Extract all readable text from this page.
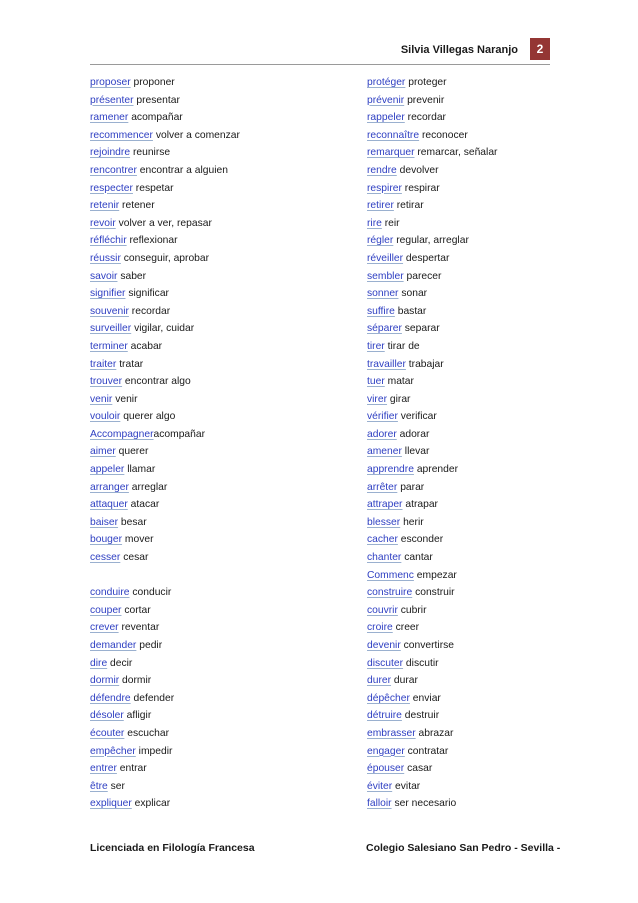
Silvia Villegas Naranjo	2
proposer proponer
présenter presentar
ramener acompañar
recommencer volver a comenzar
rejoindre reunirse
rencontrer encontrar a alguien
respecter respetar
retenir retener
revoir volver a ver, repasar
réfléchir reflexionar
réussir conseguir, aprobar
savoir saber
signifier significar
souvenir recordar
surveiller vigilar, cuidar
terminer acabar
traiter tratar
trouver encontrar algo
venir venir
vouloir querer algo
Accompagneracompañar
aimer querer
appeler llamar
arranger arreglar
attaquer atacar
baiser besar
bouger mover
cesser cesar
conduire conducir
couper cortar
crever reventar
demander pedir
dire decir
dormir dormir
défendre defender
désoler afligir
écouter escuchar
empêcher impedir
entrer entrar
être ser
expliquer explicar
protéger proteger
prévenir prevenir
rappeler recordar
reconnaître reconocer
remarquer remarcar, señalar
rendre devolver
respirer respirar
retirer retirar
rire reir
régler regular, arreglar
réveiller despertar
sembler parecer
sonner sonar
suffire bastar
séparer separar
tirer tirar de
travailler trabajar
tuer matar
virer girar
vérifier verificar
adorer adorar
amener llevar
apprendre aprender
arrêter parar
attraper atrapar
blesser herir
cacher esconder
chanter cantar
Commenc empezar
construire construir
couvrir cubrir
croire creer
devenir convertirse
discuter discutir
durer durar
dépêcher enviar
détruire destruir
embrasser abrazar
engager contratar
épouser casar
éviter evitar
falloir ser necesario
Licenciada en Filología Francesa	Colegio Salesiano San Pedro - Sevilla -
